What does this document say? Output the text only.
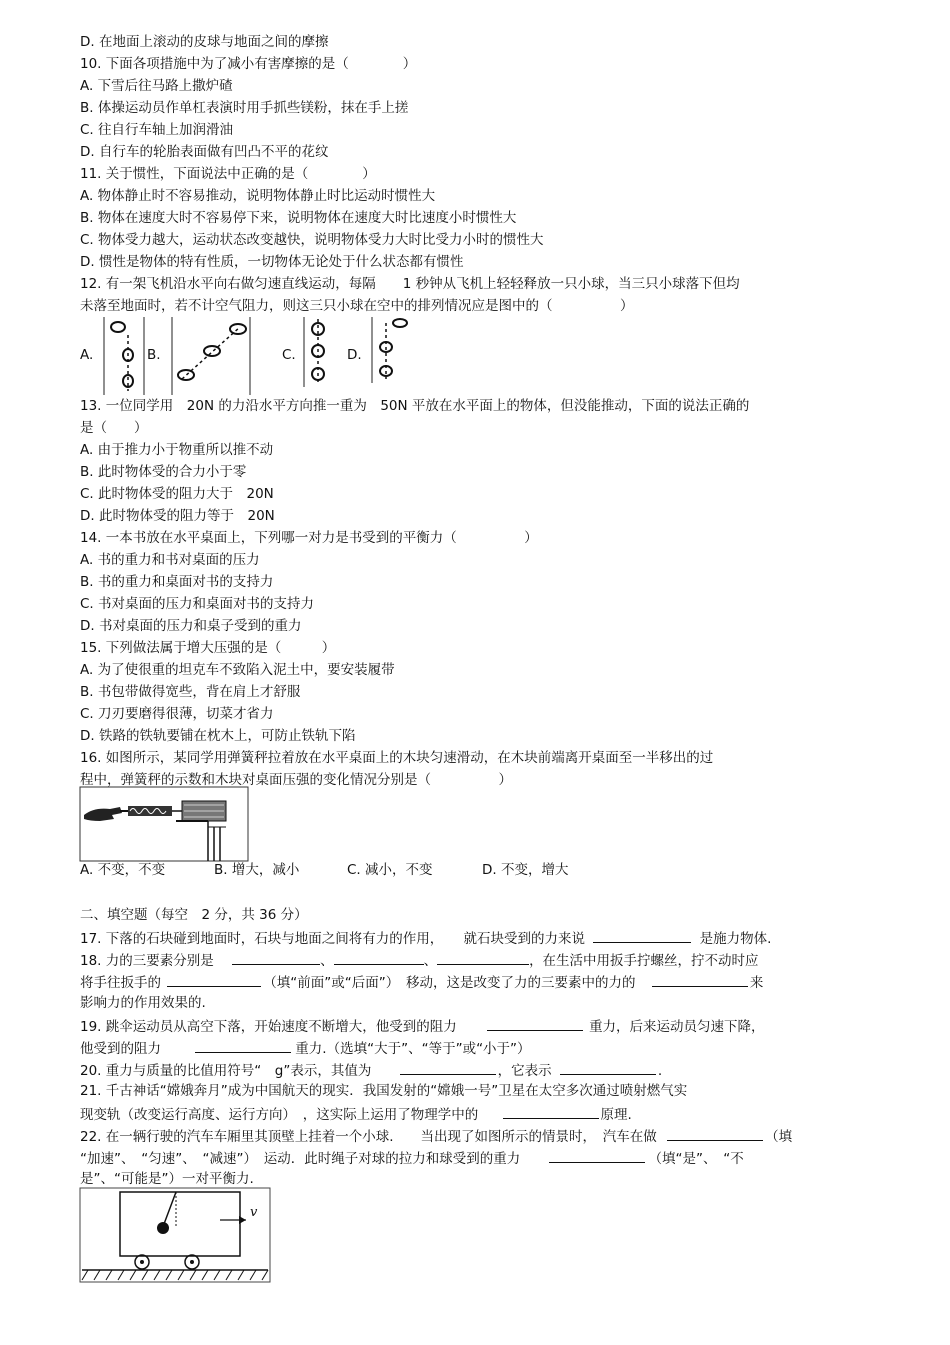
D. 在地面上滚动的皮球与地面之间的摩擦
10. 下面各项措施中为了减小有害摩擦的是（　　　　）
A. 下雪后往马路上撒炉碴
B. 体操运动员作单杠表演时用手抓些镁粉，抹在手上搓
C. 往自行车轴上加润滑油
D. 自行车的轮胎表面做有凹凸不平的花纹
11. 关于惯性，下面说法中正确的是（　　　　）
A. 物体静止时不容易推动，说明物体静止时比运动时惯性大
B. 物体在速度大时不容易停下来，说明物体在速度大时比速度小时惯性大
C. 物体受力越大，运动状态改变越快，说明物体受力大时比受力小时的惯性大
D. 惯性是物体的特有性质，一切物体无论处于什么状态都有惯性
12. 有一架飞机沿水平向右做匀速直线运动，每隔　　1 秒钟从飞机上轻轻释放一只小球，当三只小球落下但均
未落至地面时，若不计空气阻力，则这三只小球在空中的排列情况应是图中的（　　　　　）
A.	B.	C.	D.
13. 一位同学用　20N 的力沿水平方向推一重为　50N 平放在水平面上的物体，但没能推动，下面的说法正确的
是（　　）
A. 由于推力小于物重所以推不动
B. 此时物体受的合力小于零
C. 此时物体受的阻力大于　20N
D. 此时物体受的阻力等于　20N
14. 一本书放在水平桌面上，下列哪一对力是书受到的平衡力（　　　　　）
A. 书的重力和书对桌面的压力
B. 书的重力和桌面对书的支持力
C. 书对桌面的压力和桌面对书的支持力
D. 书对桌面的压力和桌子受到的重力
15. 下列做法属于增大压强的是（　　　）
A. 为了使很重的坦克车不致陷入泥土中，要安装履带
B. 书包带做得宽些，背在肩上才舒服
C. 刀刃要磨得很薄，切菜才省力
D. 铁路的铁轨要铺在枕木上，可防止铁轨下陷
16. 如图所示，某同学用弹簧秤拉着放在水平桌面上的木块匀速滑动，在木块前端离开桌面至一半移出的过
程中，弹簧秤的示数和木块对桌面压强的变化情况分别是（　　　　　）
A. 不变，不变	B. 增大，减小	C. 减小，不变	D. 不变，增大
二、填空题（每空　2 分，共 36 分）
17. 下落的石块碰到地面时，石块与地面之间将有力的作用，　　就石块受到的力来说	是施力物体.
18. 力的三要素分别是	、	、	，在生活中用扳手拧螺丝，拧不动时应
将手往扳手的	（填“前面”或“后面”）　移动，这是改变了力的三要素中的力的	来
影响力的作用效果的.
19. 跳伞运动员从高空下落，开始速度不断增大，他受到的阻力	重力，后来运动员匀速下降，
他受到的阻力	重力.（选填“大于”、“等于”或“小于”）
20. 重力与质量的比值用符号“　g”表示，其值为	，它表示	.
21. 千古神话“嫦娥奔月”成为中国航天的现实．我国发射的“嫦娥一号”卫星在太空多次通过喷射燃气实
现变轨（改变运行高度、运行方向）　，这实际上运用了物理学中的	原理.
22. 在一辆行驶的汽车车厢里其顶壁上挂着一个小球.　　当出现了如图所示的情景时，　汽车在做	（填
“加速”、　“匀速”、　“减速”）　运动．此时绳子对球的拉力和球受到的重力	（填“是”、　“不
是”、“可能是”）一对平衡力.
v
